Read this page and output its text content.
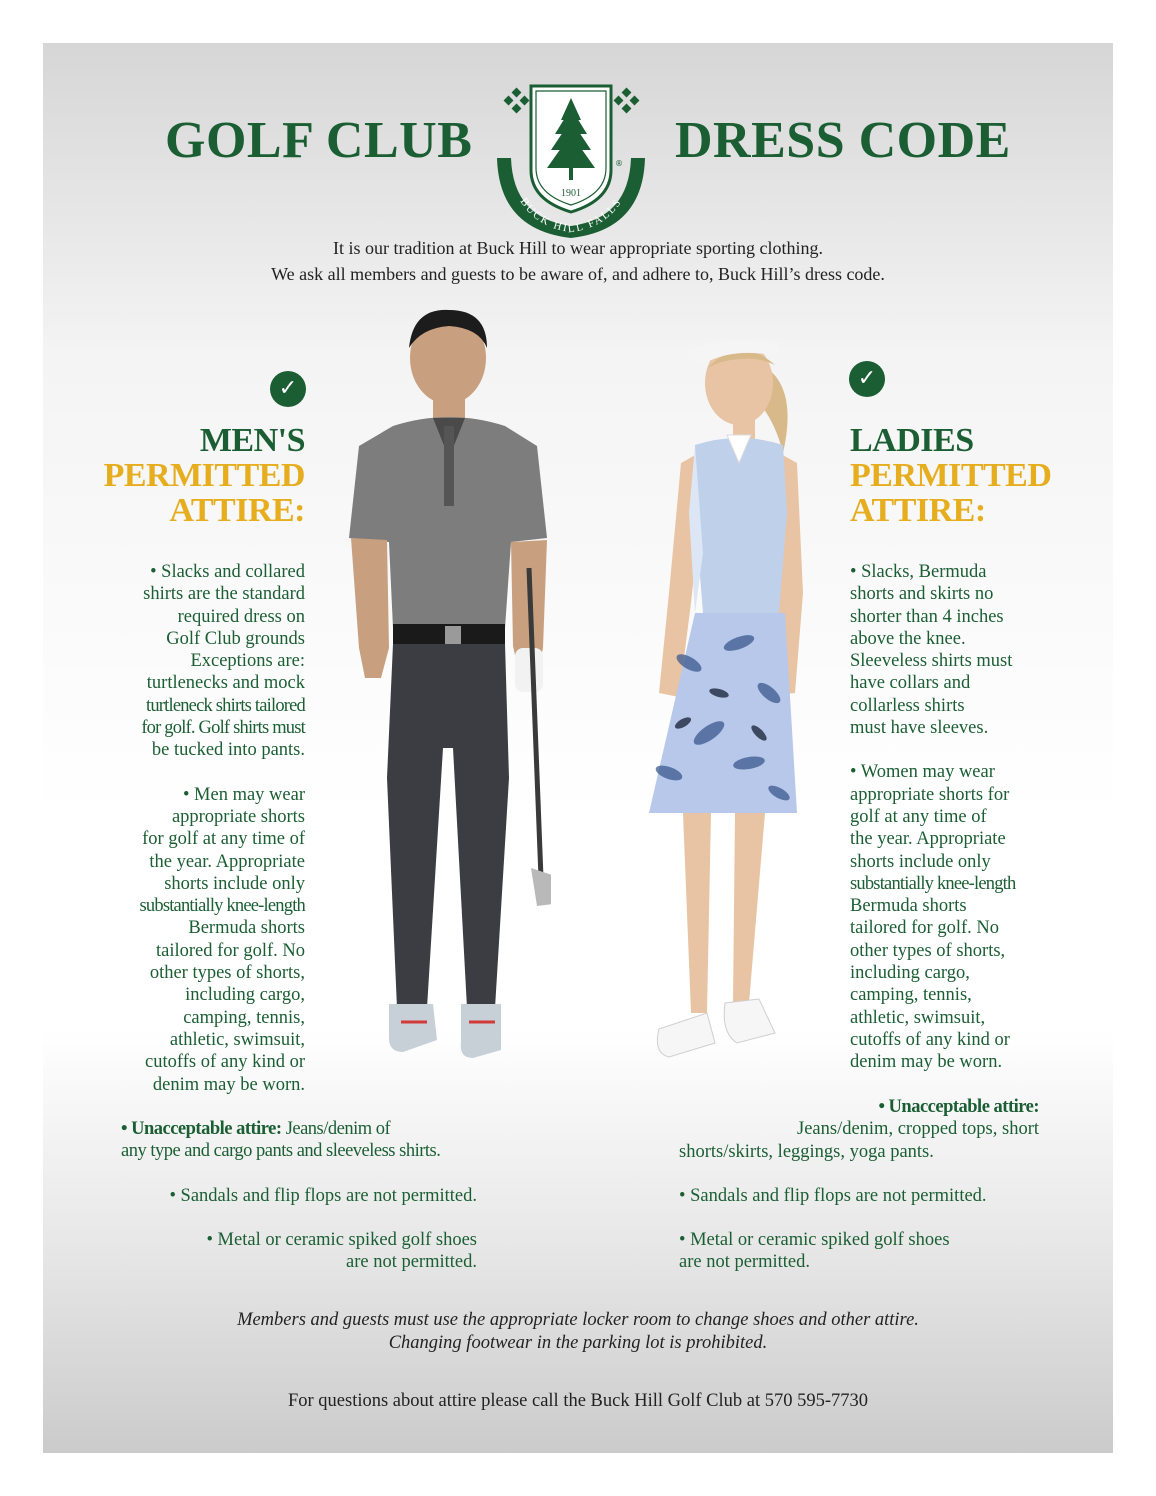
GOLF CLUB
1901
BUCK HILL FALLS
® DRESS CODE
It is our tradition at Buck Hill to wear appropriate sporting clothing.
We ask all members and guests to be aware of, and adhere to, Buck Hill’s dress code.
✓
MEN'S
PERMITTED
ATTIRE:

• Slacks and collared
shirts are the standard
required dress on
Golf Club grounds
Exceptions are:
turtlenecks and mock
turtleneck shirts tailored
for golf. Golf shirts must
be tucked into pants.

• Men may wear
appropriate shorts
for golf at any time of
the year. Appropriate
shorts include only
substantially knee-length
Bermuda shorts
tailored for golf. No
other types of shorts,
including cargo,
camping, tennis,
athletic, swimsuit,
cutoffs of any kind or
denim may be worn.

• Unacceptable attire: Jeans/denim of
any type and cargo pants and sleeveless shirts.

• Sandals and flip flops are not permitted.

• Metal or ceramic spiked golf shoes
are not permitted.

✓
LADIES
PERMITTED
ATTIRE:

• Slacks, Bermuda
shorts and skirts no
shorter than 4 inches
above the knee.
Sleeveless shirts must
have collars and
collarless shirts
must have sleeves.

• Women may wear
appropriate shorts for
golf at any time of
the year. Appropriate
shorts include only
substantially knee-length
Bermuda shorts
tailored for golf. No
other types of shorts,
including cargo,
camping, tennis,
athletic, swimsuit,
cutoffs of any kind or
denim may be worn.

• Unacceptable attire:
Jeans/denim, cropped tops, short

shorts/skirts, leggings, yoga pants.

• Sandals and flip flops are not permitted.

• Metal or ceramic spiked golf shoes
are not permitted.

Members and guests must use the appropriate locker room to change shoes and other attire.
Changing footwear in the parking lot is prohibited.
For questions about attire please call the Buck Hill Golf Club at 570 595-7730
